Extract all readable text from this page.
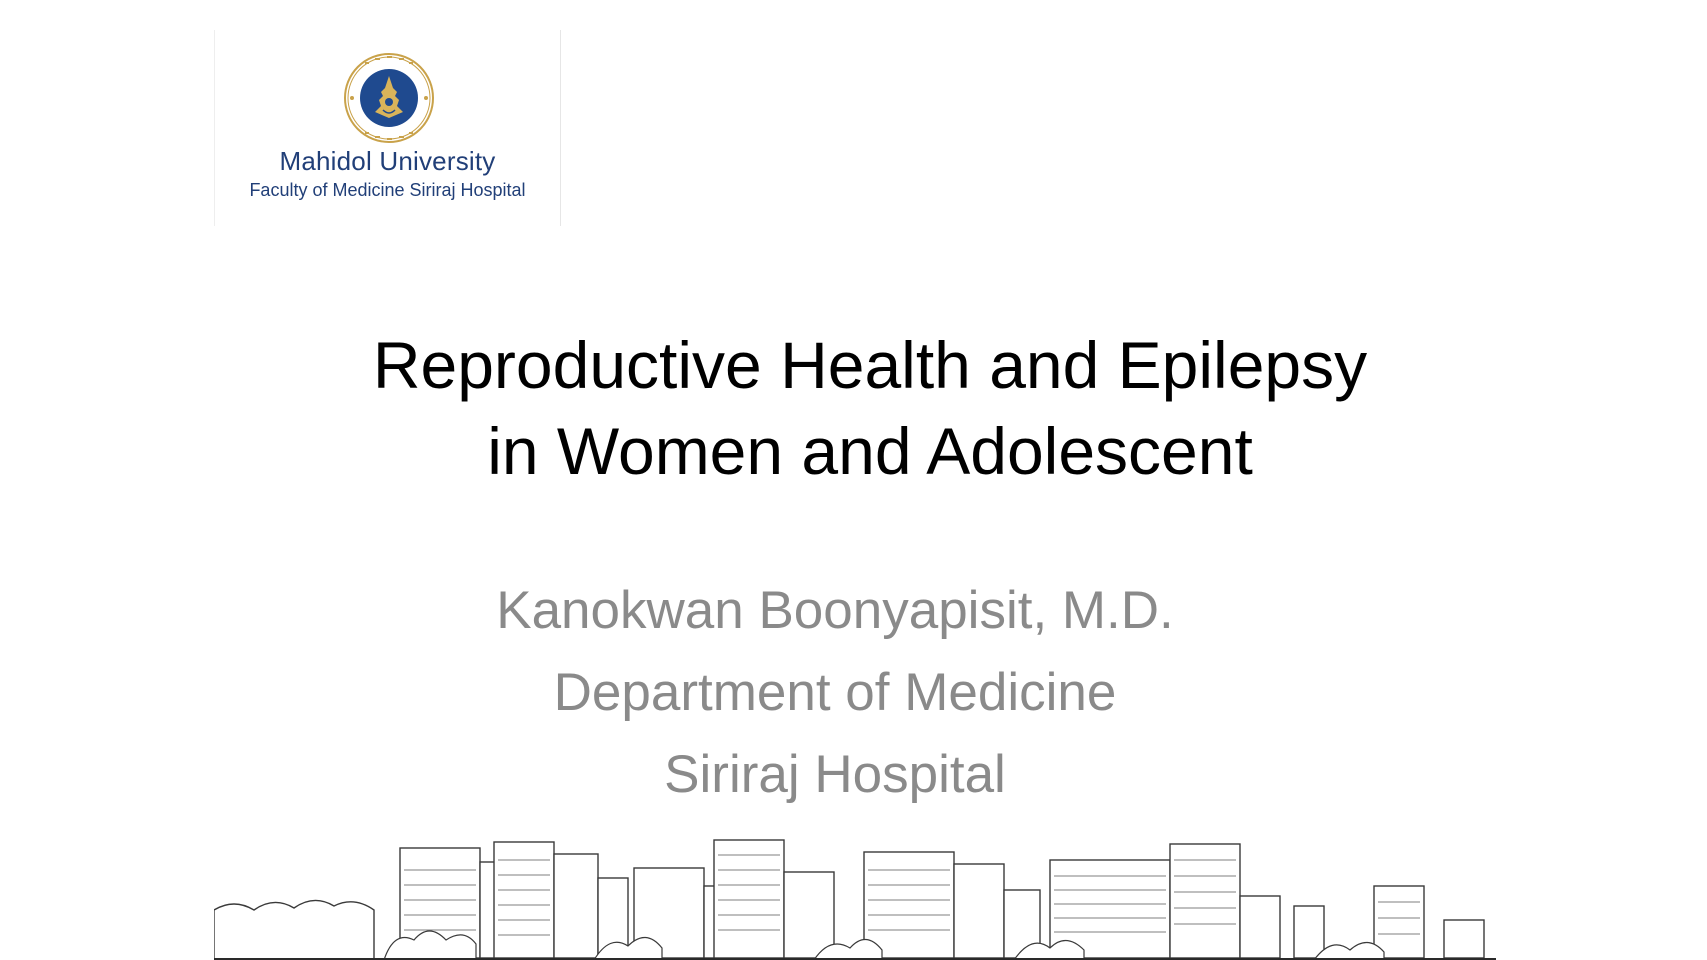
Mahidol University
Faculty of Medicine Siriraj Hospital
Reproductive Health and Epilepsy
in Women and Adolescent
Kanokwan Boonyapisit, M.D.
Department of Medicine
Siriraj Hospital
